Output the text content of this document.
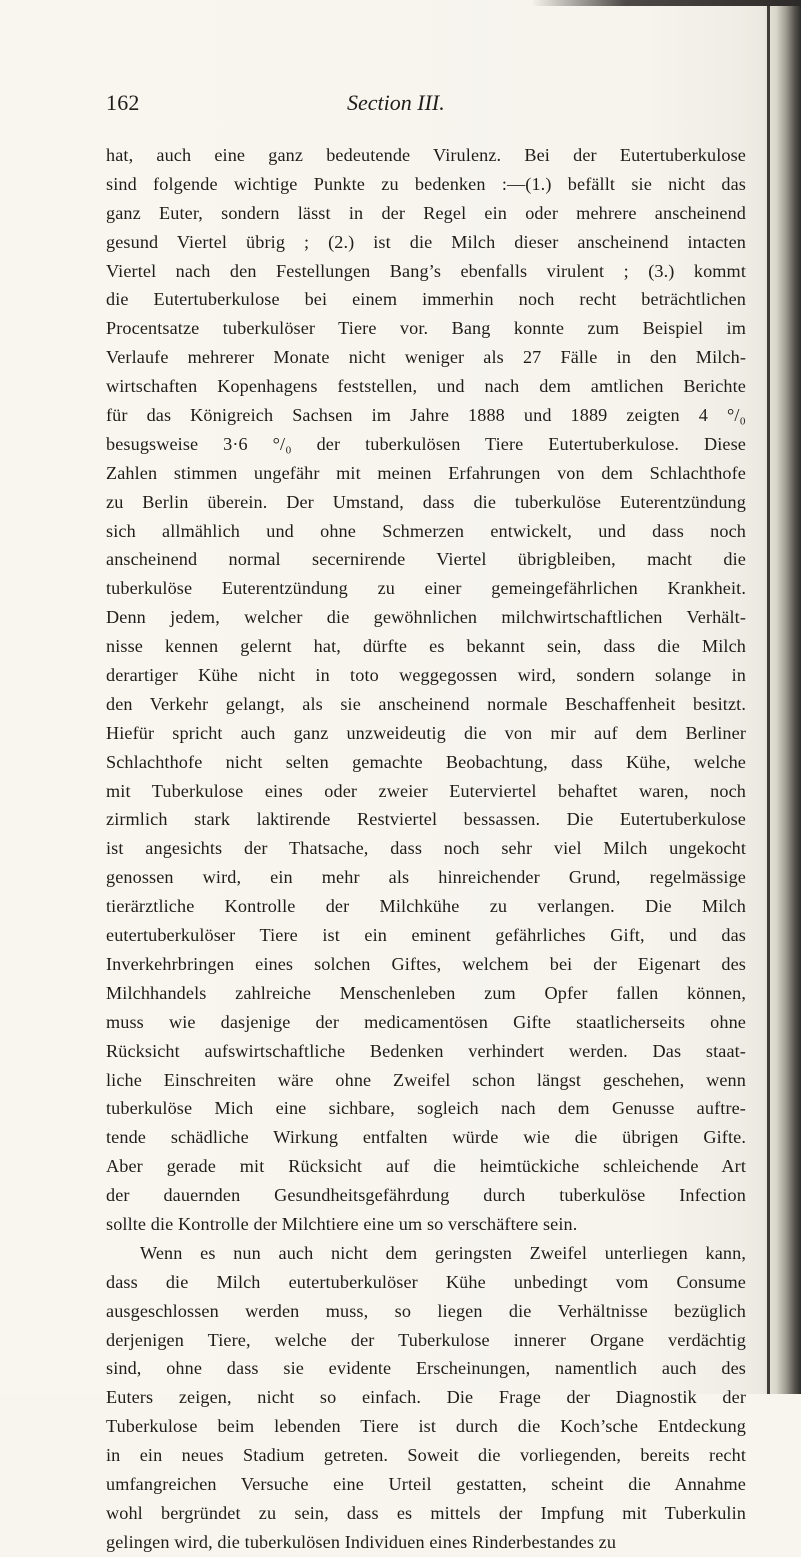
162	Section III.
hat, auch eine ganz bedeutende Virulenz. Bei der Eutertuberkulose
sind folgende wichtige Punkte zu bedenken :—(1.) befällt sie nicht das
ganz Euter, sondern lässt in der Regel ein oder mehrere anscheinend
gesund Viertel übrig ; (2.) ist die Milch dieser anscheinend intacten
Viertel nach den Festellungen Bang’s ebenfalls virulent ; (3.) kommt
die Eutertuberkulose bei einem immerhin noch recht beträchtlichen
Procentsatze tuberkulöser Tiere vor. Bang konnte zum Beispiel im
Verlaufe mehrerer Monate nicht weniger als 27 Fälle in den Milch-
wirtschaften Kopenhagens feststellen, und nach dem amtlichen Berichte
für das Königreich Sachsen im Jahre 1888 und 1889 zeigten 4 °/₀
besugsweise 3·6 °/₀ der tuberkulösen Tiere Eutertuberkulose. Diese
Zahlen stimmen ungefähr mit meinen Erfahrungen von dem Schlachthofe
zu Berlin überein. Der Umstand, dass die tuberkulöse Euterentzündung
sich allmählich und ohne Schmerzen entwickelt, und dass noch
anscheinend normal secernirende Viertel übrigbleiben, macht die
tuberkulöse Euterentzündung zu einer gemeingefährlichen Krankheit.
Denn jedem, welcher die gewöhnlichen milchwirtschaftlichen Verhält-
nisse kennen gelernt hat, dürfte es bekannt sein, dass die Milch
derartiger Kühe nicht in toto weggegossen wird, sondern solange in
den Verkehr gelangt, als sie anscheinend normale Beschaffenheit besitzt.
Hiefür spricht auch ganz unzweideutig die von mir auf dem Berliner
Schlachthofe nicht selten gemachte Beobachtung, dass Kühe, welche
mit Tuberkulose eines oder zweier Euterviertel behaftet waren, noch
zirmlich stark laktirende Restviertel bessassen. Die Eutertuberkulose
ist angesichts der Thatsache, dass noch sehr viel Milch ungekocht
genossen wird, ein mehr als hinreichender Grund, regelmässige
tierärztliche Kontrolle der Milchkühe zu verlangen. Die Milch
eutertuberkulöser Tiere ist ein eminent gefährliches Gift, und das
Inverkehrbringen eines solchen Giftes, welchem bei der Eigenart des
Milchhandels zahlreiche Menschenleben zum Opfer fallen können,
muss wie dasjenige der medicamentösen Gifte staatlicherseits ohne
Rücksicht aufswirtschaftliche Bedenken verhindert werden. Das staat-
liche Einschreiten wäre ohne Zweifel schon längst geschehen, wenn
tuberkulöse Mich eine sichbare, sogleich nach dem Genusse auftre-
tende schädliche Wirkung entfalten würde wie die übrigen Gifte.
Aber gerade mit Rücksicht auf die heimtückiche schleichende Art
der dauernden Gesundheitsgefährdung durch tuberkulöse Infection
sollte die Kontrolle der Milchtiere eine um so verschäftere sein.
Wenn es nun auch nicht dem geringsten Zweifel unterliegen kann,
dass die Milch eutertuberkulöser Kühe unbedingt vom Consume
ausgeschlossen werden muss, so liegen die Verhältnisse bezüglich
derjenigen Tiere, welche der Tuberkulose innerer Organe verdächtig
sind, ohne dass sie evidente Erscheinungen, namentlich auch des
Euters zeigen, nicht so einfach. Die Frage der Diagnostik der
Tuberkulose beim lebenden Tiere ist durch die Koch’sche Entdeckung
in ein neues Stadium getreten. Soweit die vorliegenden, bereits recht
umfangreichen Versuche eine Urteil gestatten, scheint die Annahme
wohl bergründet zu sein, dass es mittels der Impfung mit Tuberkulin
gelingen wird, die tuberkulösen Individuen eines Rinderbestandes zu
